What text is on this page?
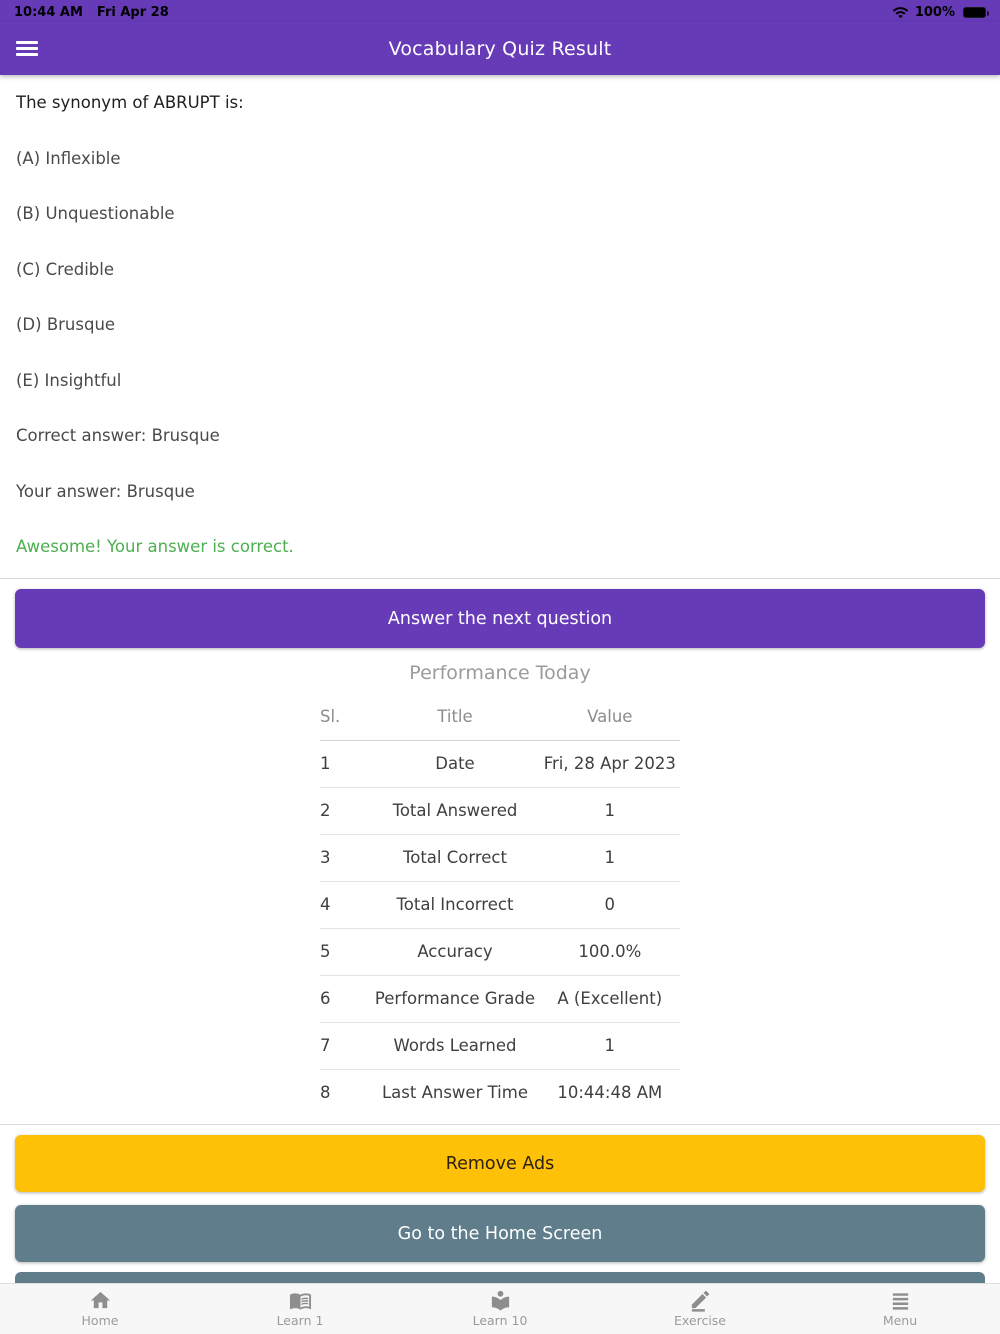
10:44 AM Fri Apr 28	100%
Vocabulary Quiz Result

The synonym of ABRUPT is:

(A) Inflexible

(B) Unquestionable

(C) Credible

(D) Brusque

(E) Insightful

Correct answer: Brusque

Your answer: Brusque

Awesome! Your answer is correct.

Answer the next question
Performance Today
Sl.	Title	Value
1	Date	Fri, 28 Apr 2023
2	Total Answered	1
3	Total Correct	1
4	Total Incorrect	0
5	Accuracy	100.0%
6	Performance Grade	A (Excellent)
7	Words Learned	1
8	Last Answer Time	10:44:48 AM
Remove Ads
Go to the Home Screen
Home	Learn 1	Learn 10	Exercise	Menu
